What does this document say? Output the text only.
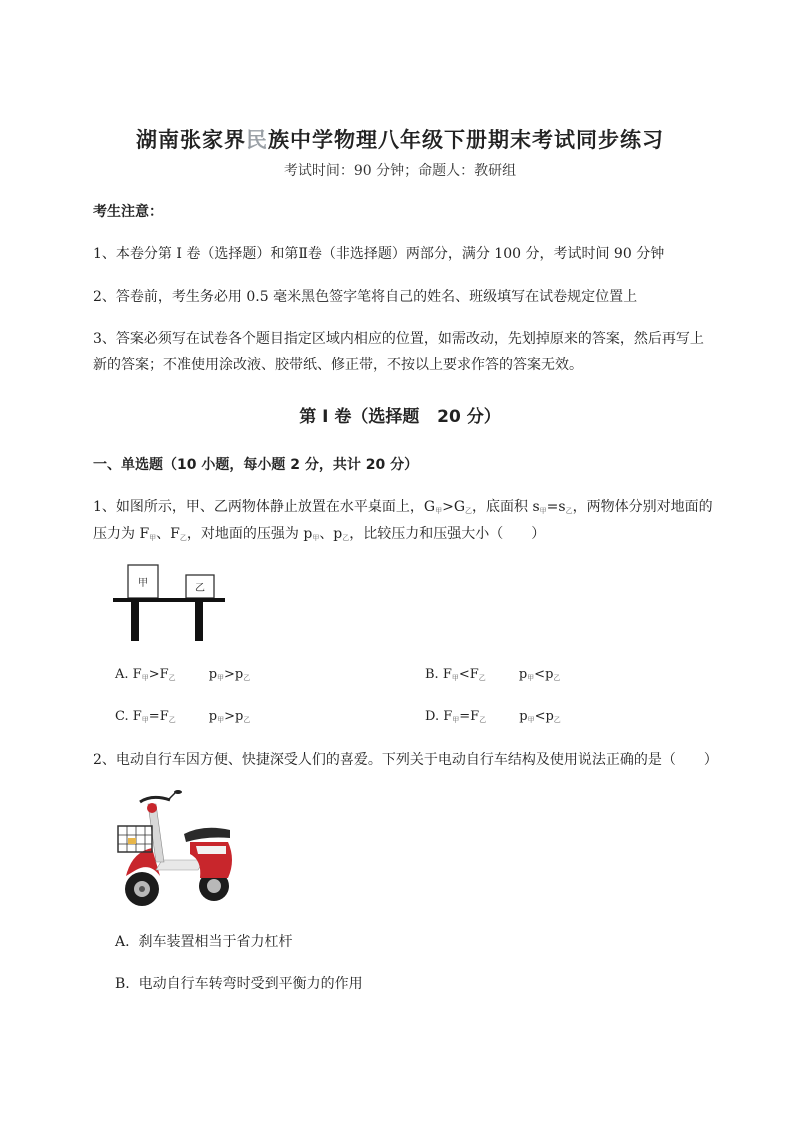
湖南张家界民族中学物理八年级下册期末考试同步练习
考试时间：90 分钟；命题人：教研组
考生注意：
1、本卷分第 I 卷（选择题）和第Ⅱ卷（非选择题）两部分，满分 100 分，考试时间 90 分钟
2、答卷前，考生务必用 0.5 毫米黑色签字笔将自己的姓名、班级填写在试卷规定位置上
3、答案必须写在试卷各个题目指定区域内相应的位置，如需改动，先划掉原来的答案，然后再写上新的答案；不准使用涂改液、胶带纸、修正带，不按以上要求作答的答案无效。
第 I 卷（选择题   20 分）
一、单选题（10 小题，每小题 2 分，共计 20 分）
1、如图所示，甲、乙两物体静止放置在水平桌面上，$G_甲>G_乙$，底面积 $s_甲=s_乙$，两物体分别对地面的
压力为 $F_甲$、$F_乙$，对地面的压强为 $p_甲$、$p_乙$，比较压力和压强大小（　　）
甲	乙
A. $F_甲>F_乙$	$p_甲>p_乙$	B. $F_甲<F_乙$	$p_甲<p_乙$
C. $F_甲=F_乙$	$p_甲>p_乙$	D. $F_甲=F_乙$	$p_甲<p_乙$
2、电动自行车因方便、快捷深受人们的喜爱。下列关于电动自行车结构及使用说法正确的是（　　）
A.  刹车装置相当于省力杠杆
B.  电动自行车转弯时受到平衡力的作用
